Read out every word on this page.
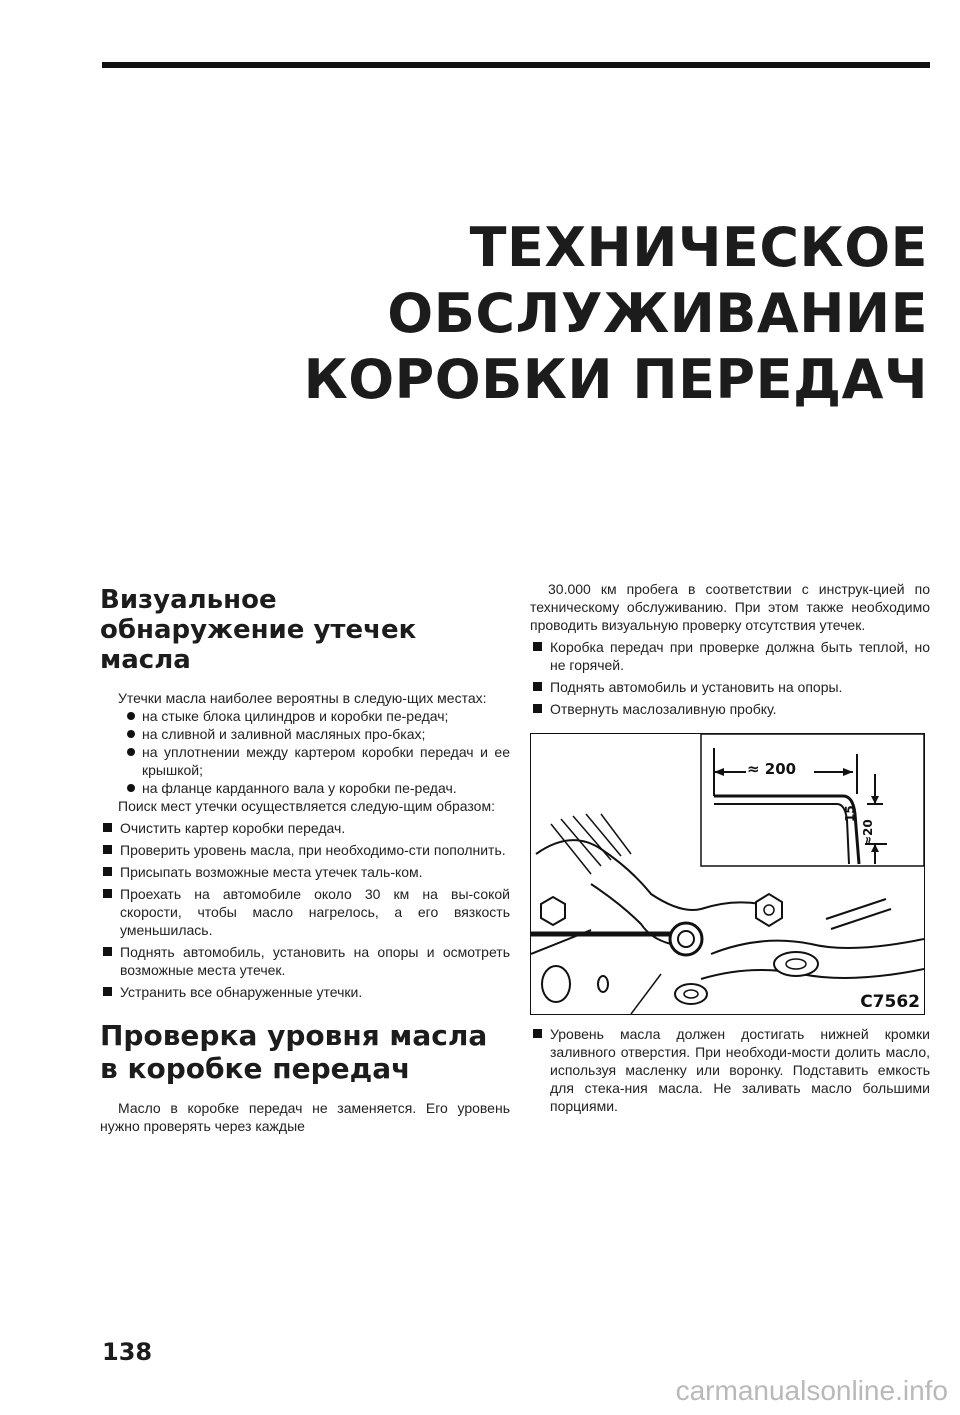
ТЕХНИЧЕСКОЕ
ОБСЛУЖИВАНИЕ
КОРОБКИ ПЕРЕДАЧ
Визуальное
обнаружение утечек
масла

Утечки масла наиболее вероятны в следую-щих местах:

на стыке блока цилиндров и коробки пе-редач;
на сливной и заливной масляных про-бках;
на уплотнении между картером коробки передач и ее крышкой;
на фланце карданного вала у коробки пе-редач.

Поиск мест утечки осуществляется следую-щим образом:

Очистить картер коробки передач.
Проверить уровень масла, при необходимо-сти пополнить.
Присыпать возможные места утечек таль-ком.
Проехать на автомобиле около 30 км на вы-сокой скорости, чтобы масло нагрелось, а его вязкость уменьшилась.
Поднять автомобиль, установить на опоры и осмотреть возможные места утечек.
Устранить все обнаруженные утечки.
Проверка уровня масла
в коробке передач

Масло в коробке передач не заменяется. Его уровень нужно проверять через каждые

30.000 км пробега в соответствии с инструк-цией по техническому обслуживанию. При этом также необходимо проводить визуальную проверку отсутствия утечек.

Коробка передач при проверке должна быть теплой, но не горячей.
Поднять автомобиль и установить на опоры.
Отвернуть маслозаливную пробку.
≈ 200
15
≈20
C7562
Уровень масла должен достигать нижней кромки заливного отверстия. При необходи-мости долить масло, используя масленку или воронку. Подставить емкость для стека-ния масла. Не заливать масло большими порциями.
138
carmanualsonline.info
